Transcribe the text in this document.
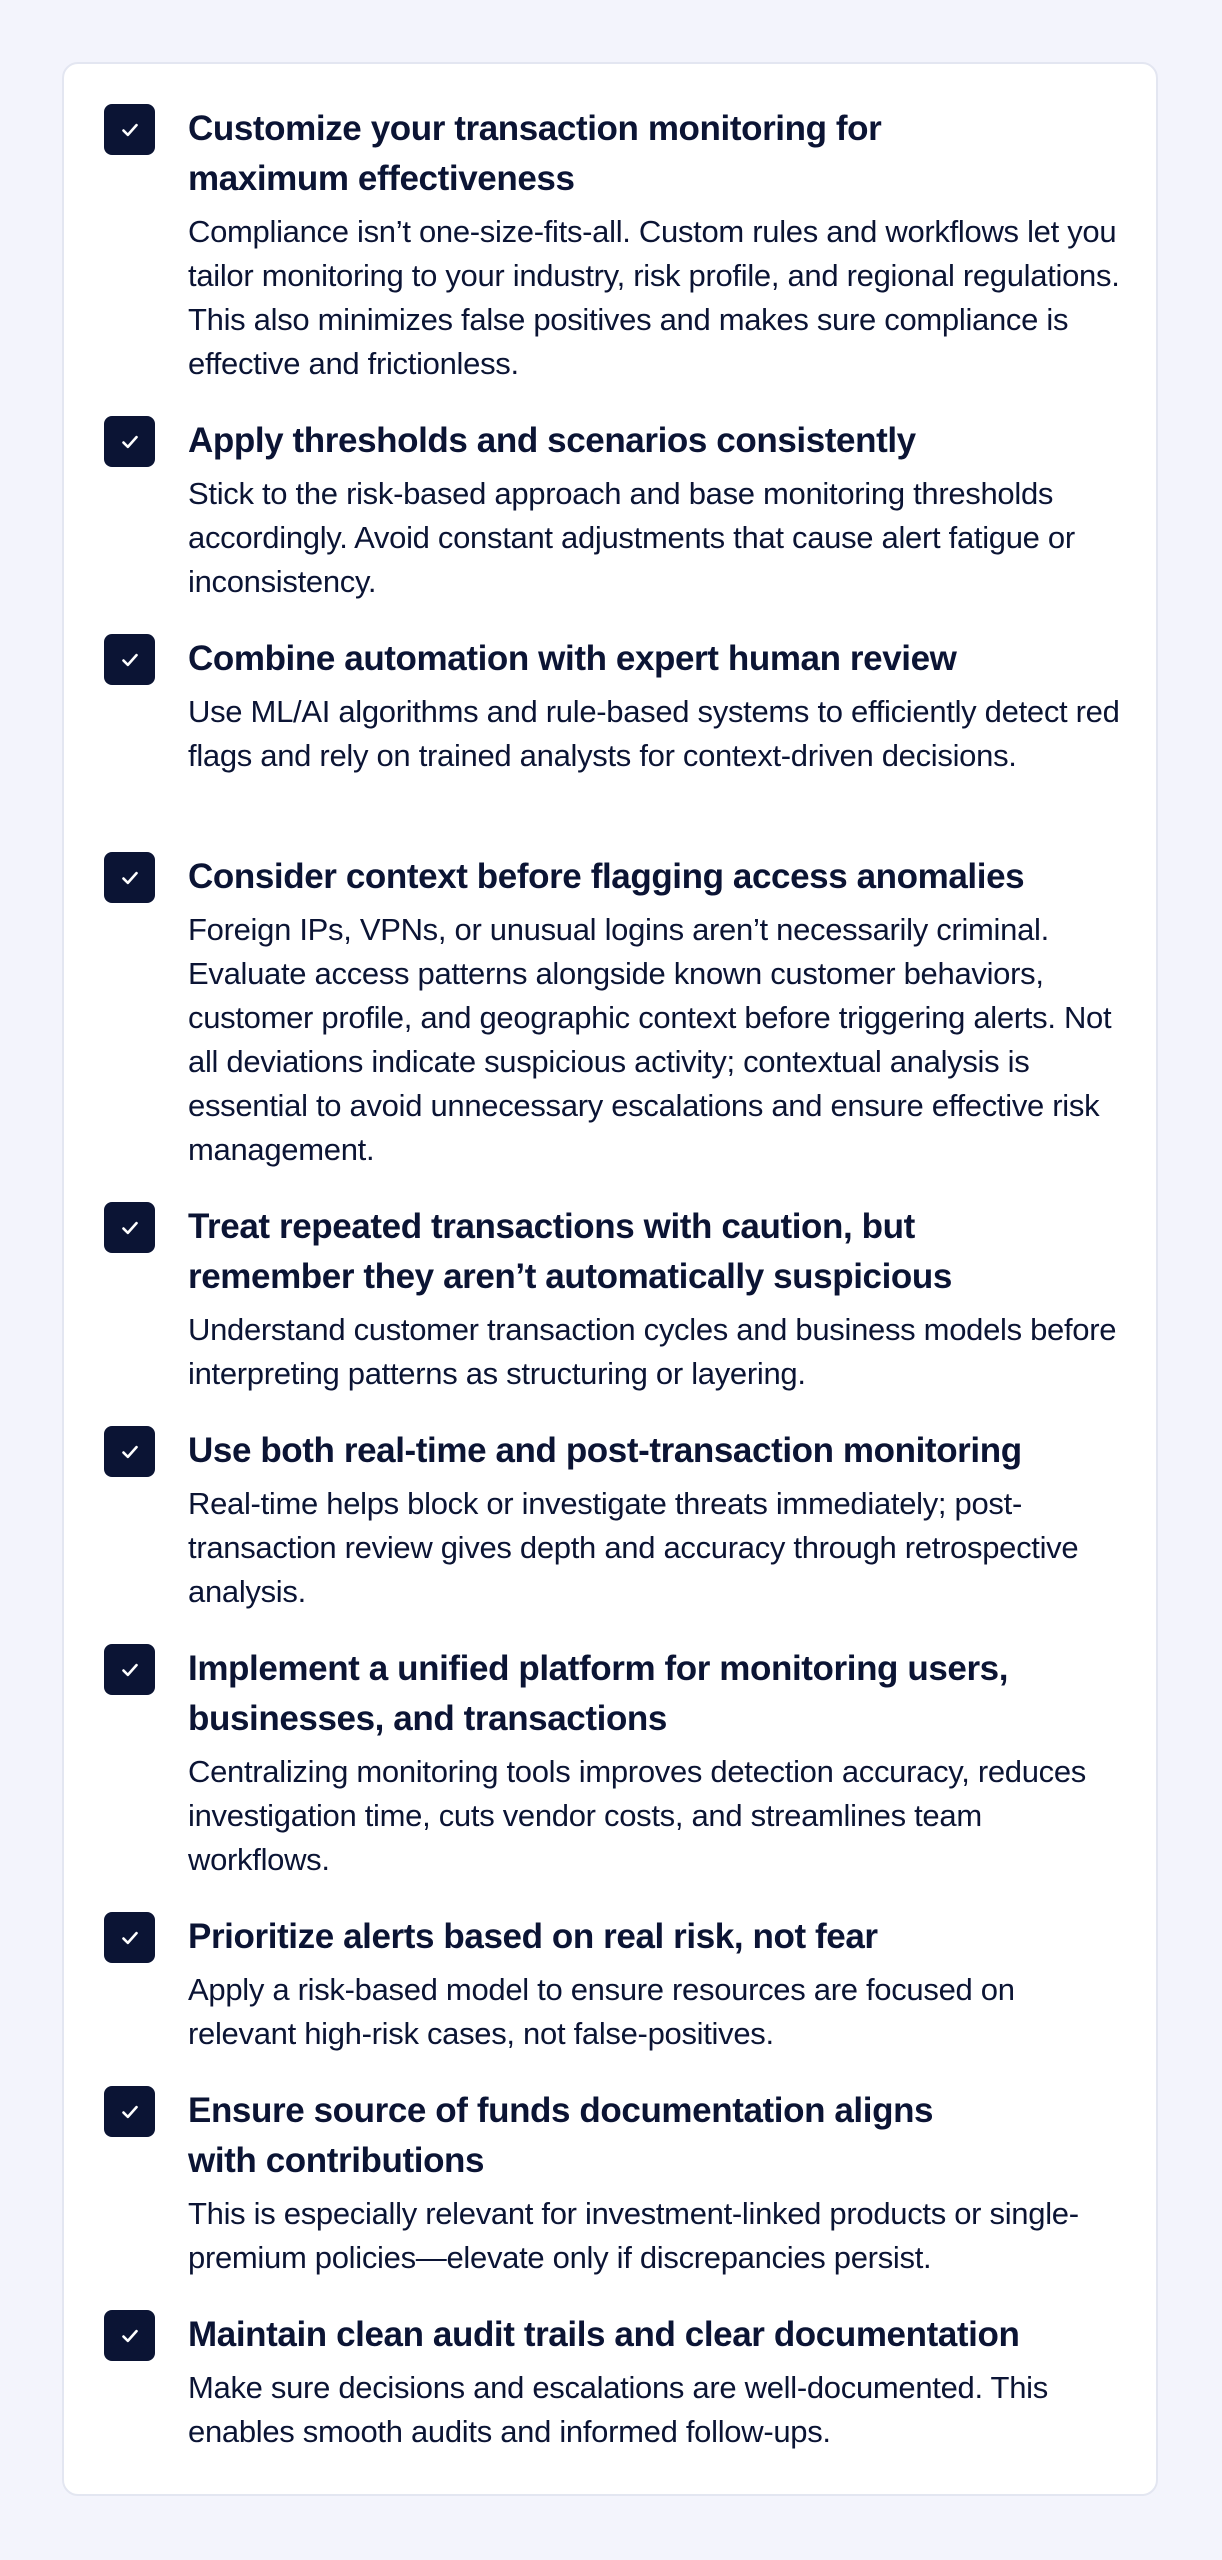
Customize your transaction monitoring for maximum effectiveness

Compliance isn’t one-size-fits-all. Custom rules and workflows let you tailor monitoring to your industry, risk profile, and regional regulations. This also minimizes false positives and makes sure compliance is effective and frictionless.

Apply thresholds and scenarios consistently

Stick to the risk-based approach and base monitoring thresholds accordingly. Avoid constant adjustments that cause alert fatigue or inconsistency.

Combine automation with expert human review

Use ML/AI algorithms and rule-based systems to efficiently detect red flags and rely on trained analysts for context-driven decisions.

Consider context before flagging access anomalies

Foreign IPs, VPNs, or unusual logins aren’t necessarily criminal. Evaluate access patterns alongside known customer behaviors, customer profile, and geographic context before triggering alerts. Not all deviations indicate suspicious activity; contextual analysis is essential to avoid unnecessary escalations and ensure effective risk management.

Treat repeated transactions with caution, but remember they aren’t automatically suspicious

Understand customer transaction cycles and business models before interpreting patterns as structuring or layering.

Use both real-time and post-transaction monitoring

Real-time helps block or investigate threats immediately; post-transaction review gives depth and accuracy through retrospective analysis.

Implement a unified platform for monitoring users, businesses, and transactions

Centralizing monitoring tools improves detection accuracy, reduces investigation time, cuts vendor costs, and streamlines team workflows.

Prioritize alerts based on real risk, not fear

Apply a risk-based model to ensure resources are focused on relevant high-risk cases, not false-positives.

Ensure source of funds documentation aligns with contributions

This is especially relevant for investment-linked products or single-premium policies—elevate only if discrepancies persist.

Maintain clean audit trails and clear documentation

Make sure decisions and escalations are well-documented. This enables smooth audits and informed follow-ups.
